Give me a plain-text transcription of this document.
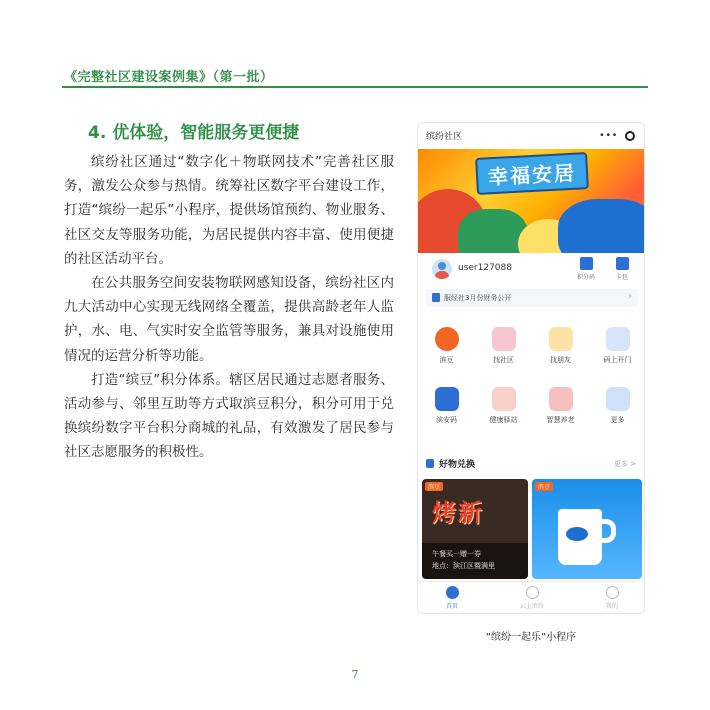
《完整社区建设案例集》（第一批）
4. 优体验，智能服务更便捷

缤纷社区通过“数字化＋物联网技术”完善社区服务，激发公众参与热情。统筹社区数字平台建设工作，打造“缤纷一起乐”小程序，提供场馆预约、物业服务、社区交友等服务功能，为居民提供内容丰富、使用便捷的社区活动平台。

在公共服务空间安装物联网感知设备，缤纷社区内九大活动中心实现无线网络全覆盖，提供高龄老年人监护，水、电、气实时安全监管等服务，兼具对设施使用情况的运营分析等功能。

打造“缤豆”积分体系。辖区居民通过志愿者服务、活动参与、邻里互助等方式取滨豆积分，积分可用于兑换缤纷数字平台积分商城的礼品，有效激发了居民参与社区志愿服务的积极性。

缤纷社区	•••
幸福安居
user127088
积分码	卡包
服经社3月份财务公开	›
滨豆	找社区	找朋友	码上开门
滨安码	健康驿站	智慧养老	更多
好物兑换	更多 >
滨豆
烤新
午餐买一赠一券
地点：滨江区暨满里
滨豆
首页	云上滨纷	我的
“缤纷一起乐”小程序
7
